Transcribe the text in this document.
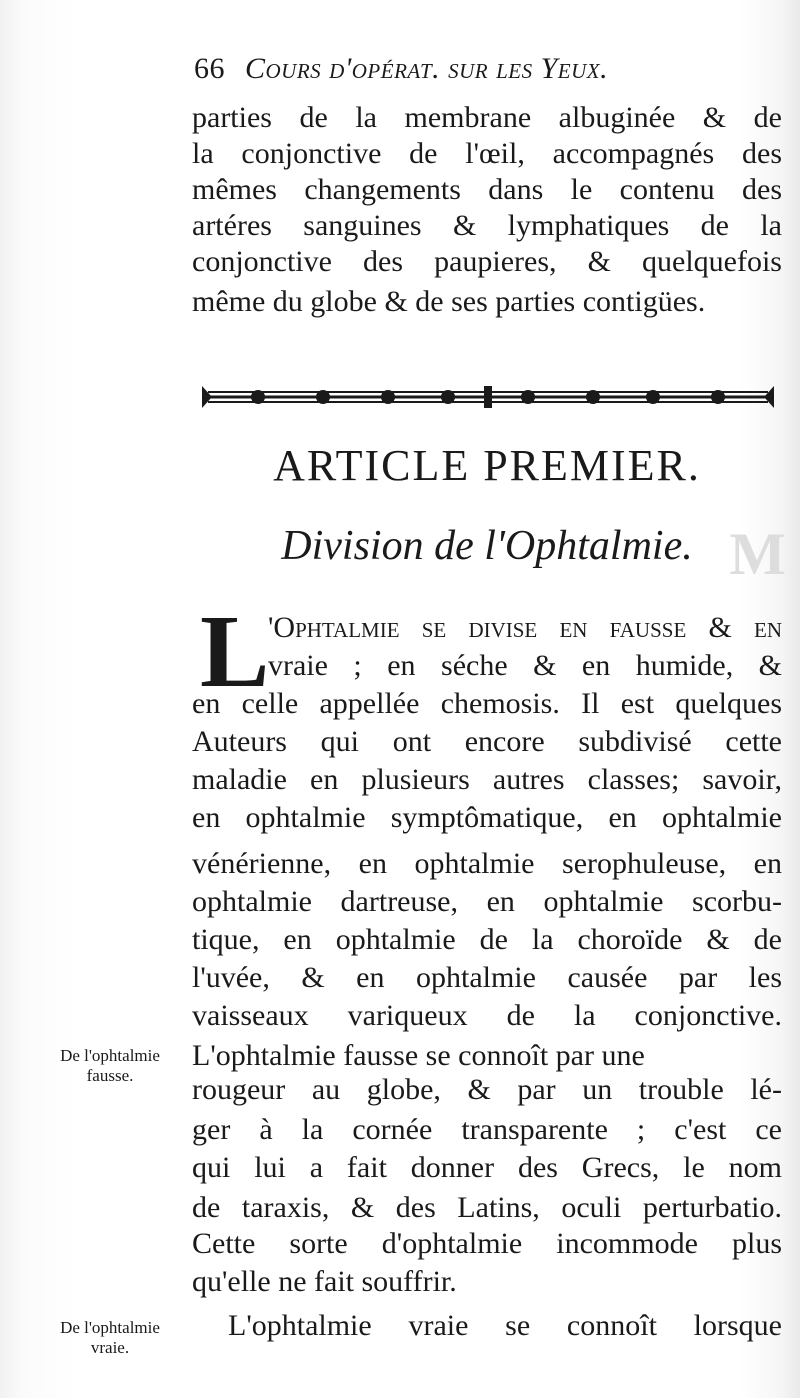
M
66 Cours d'opérat. sur les Yeux.
parties de la membrane albuginée & de
la conjonctive de l'œil, accompagnés des
mêmes changements dans le contenu des
artéres sanguines & lymphatiques de la
conjonctive des paupieres, & quelquefois
même du globe & de ses parties contigües.
ARTICLE PREMIER.
Division de l'Ophtalmie.
L
'Ophtalmie se divise en fausse & en
vraie ; en séche & en humide, &
en celle appellée chemosis. Il est quelques
Auteurs qui ont encore subdivisé cette
maladie en plusieurs autres classes; savoir,
en ophtalmie symptômatique, en ophtalmie
vénérienne, en ophtalmie serophuleuse, en
ophtalmie dartreuse, en ophtalmie scorbu-
tique, en ophtalmie de la choroïde & de
l'uvée, & en ophtalmie causée par les
vaisseaux variqueux de la conjonctive.
L'ophtalmie fausse se connoît par une
rougeur au globe, & par un trouble lé-
ger à la cornée transparente ; c'est ce
qui lui a fait donner des Grecs, le nom
de taraxis, & des Latins, oculi perturbatio.
Cette sorte d'ophtalmie incommode plus
qu'elle ne fait souffrir.
L'ophtalmie vraie se connoît lorsque
De l'ophtalmie fausse.
De l'ophtalmie vraie.
